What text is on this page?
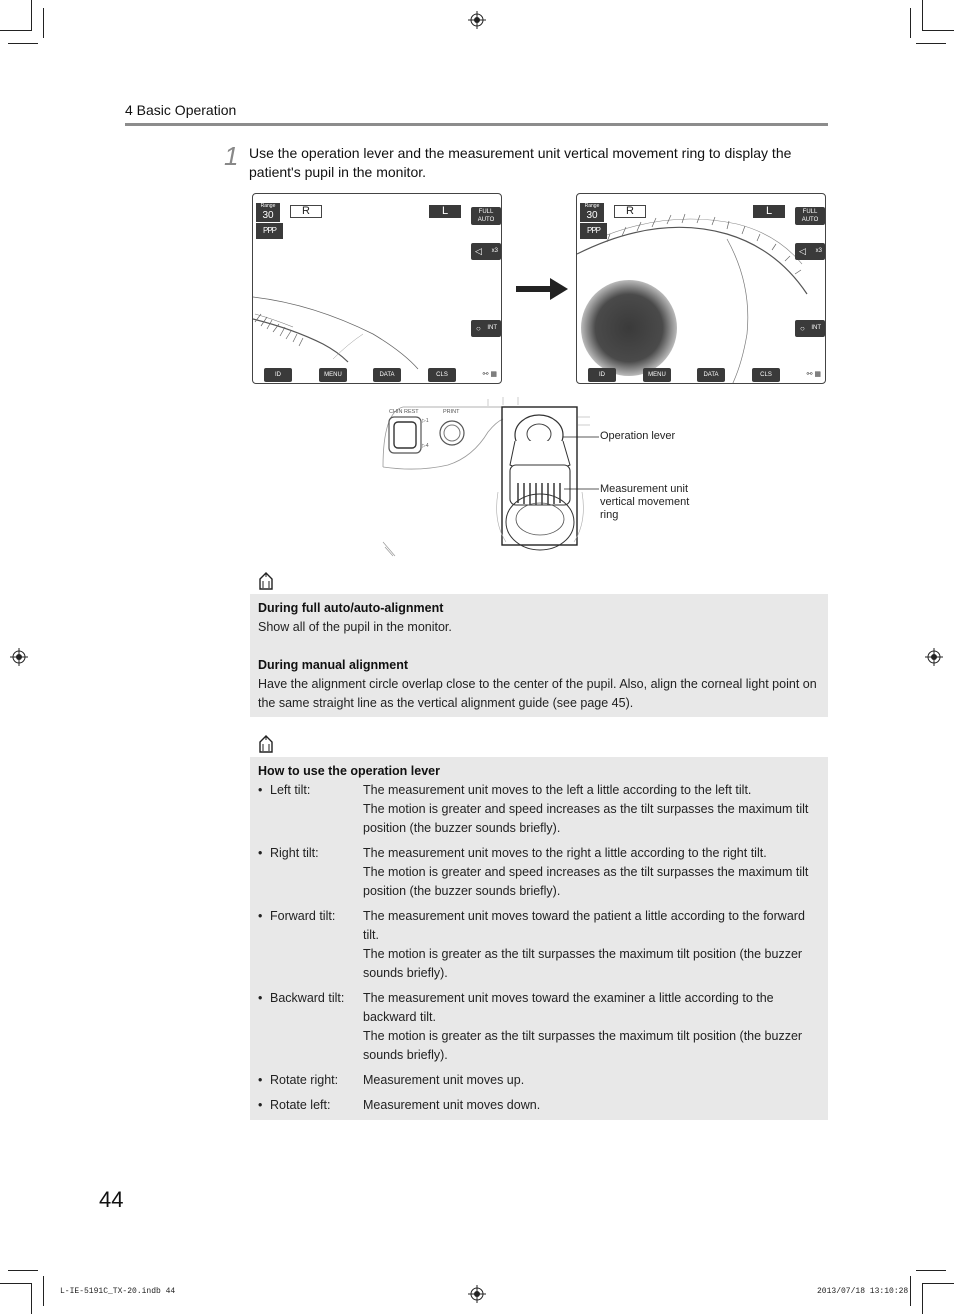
4 Basic Operation
1 Use the operation lever and the measurement unit vertical movement ring to display the patient's pupil in the monitor.
Range
30
PPP
R	L	FULL
AUTO
◁ x3
○ INT
ID	MENU	DATA	CLS	⚯ ▦
Range
30
PPP
R	L	FULL
AUTO
◁ x3
○ INT
ID	MENU	DATA	CLS	⚯ ▦
▷1
▷4
CHIN REST	PRINT
Operation lever
Measurement unit
vertical movement
ring
During full auto/auto-alignment
Show all of the pupil in the monitor.
During manual alignment
Have the alignment circle overlap close to the center of the pupil. Also, align the corneal light point on the same straight line as the vertical alignment guide (see page 45).
How to use the operation lever
• Left tilt:	The measurement unit moves to the left a little according to the left tilt.
The motion is greater and speed increases as the tilt surpasses the maximum tilt position (the buzzer sounds briefly).
• Right tilt:	The measurement unit moves to the right a little according to the right tilt.
The motion is greater and speed increases as the tilt surpasses the maximum tilt position (the buzzer sounds briefly).
• Forward tilt:	The measurement unit moves toward the patient a little according to the forward tilt.
The motion is greater as the tilt surpasses the maximum tilt position (the buzzer sounds briefly).
• Backward tilt:	The measurement unit moves toward the examiner a little according to the backward tilt.
The motion is greater as the tilt surpasses the maximum tilt position (the buzzer sounds briefly).
• Rotate right:	Measurement unit moves up.
• Rotate left:	Measurement unit moves down.
44
L-IE-5191C_TX-20.indb 44	2013/07/18 13:10:28
